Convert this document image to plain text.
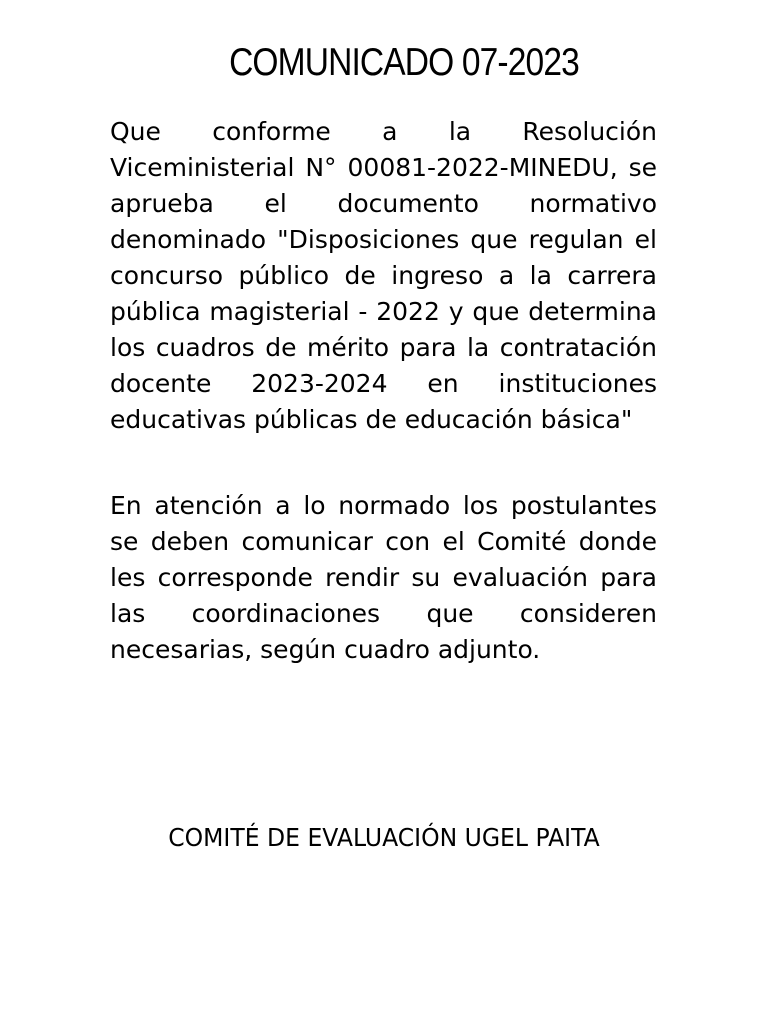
COMUNICADO 07-2023
Que conforme a la Resolución Viceministerial N° 00081-2022-MINEDU, se aprueba el documento normativo denominado "Disposiciones que regulan el concurso público de ingreso a la carrera pública magisterial - 2022 y que determina los cuadros de mérito para la contratación docente 2023-2024 en instituciones educativas públicas de educación básica"
En atención a lo normado los postulantes se deben comunicar con el Comité donde les corresponde rendir su evaluación para las coordinaciones que consideren necesarias, según cuadro adjunto.
COMITÉ DE EVALUACIÓN UGEL PAITA
